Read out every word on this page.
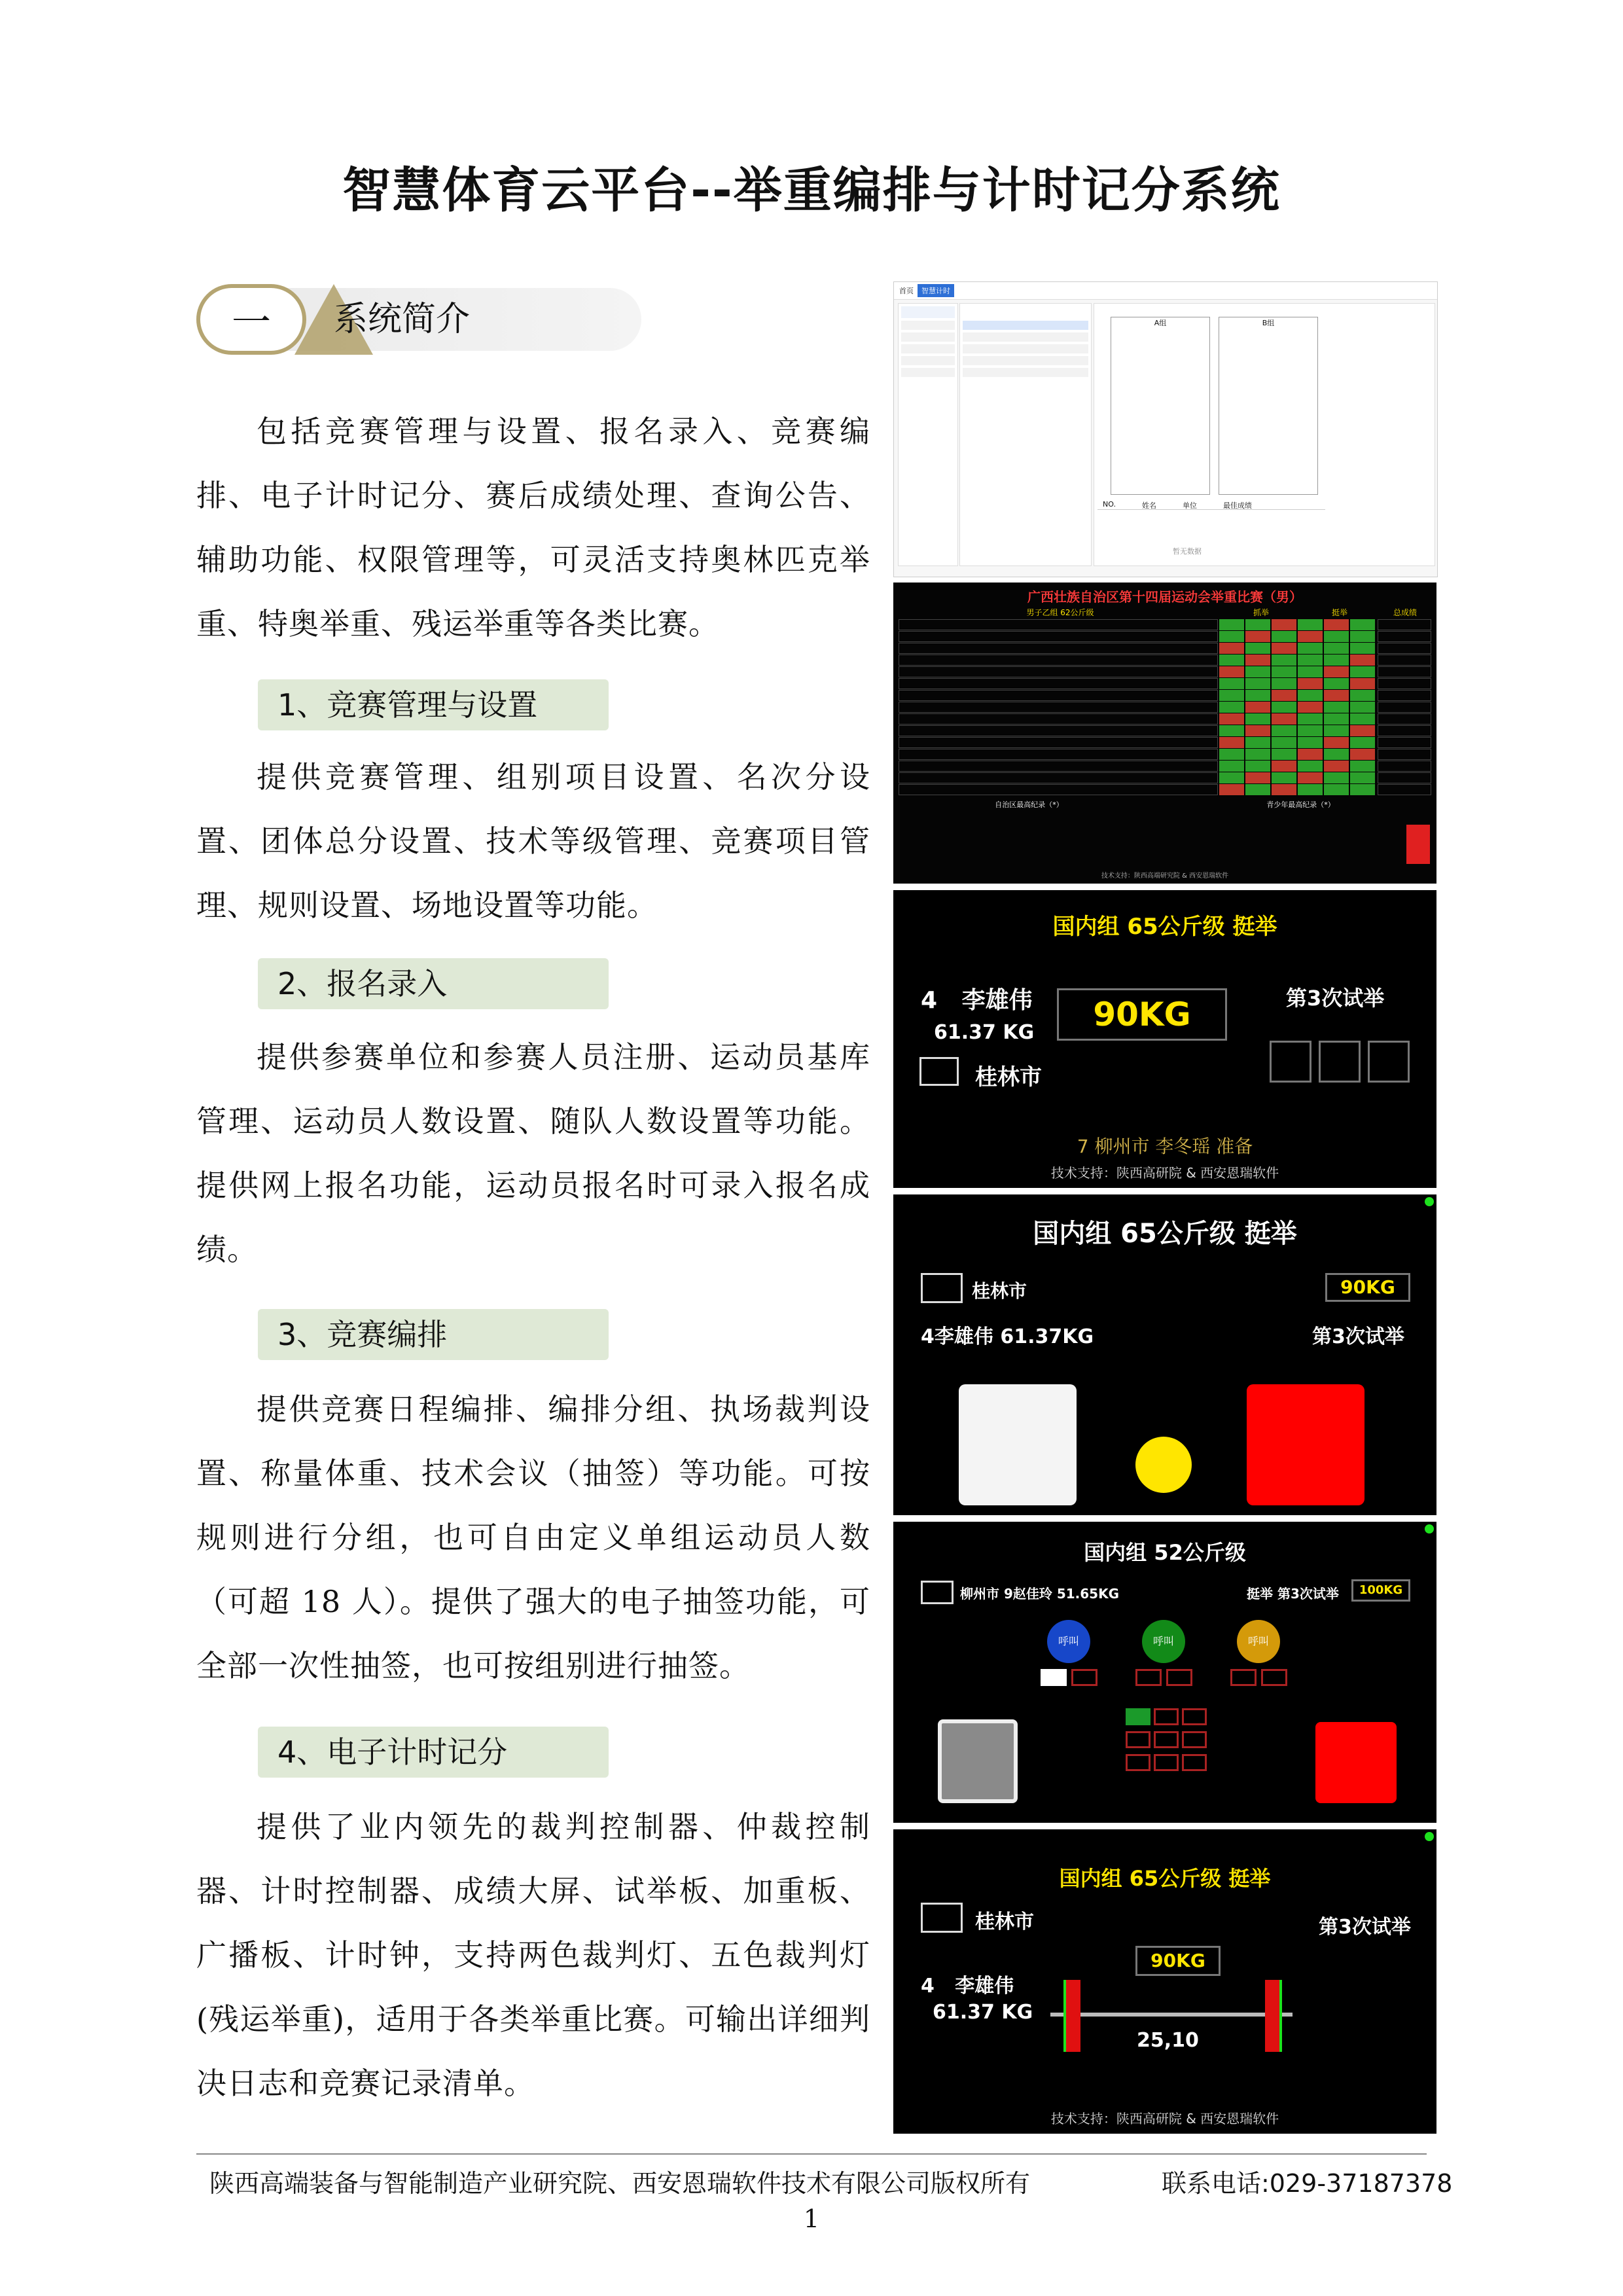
智慧体育云平台--举重编排与计时记分系统
一	系统简介
包括竞赛管理与设置、报名录入、竞赛编排、电子计时记分、赛后成绩处理、查询公告、辅助功能、权限管理等，可灵活支持奥林匹克举重、特奥举重、残运举重等各类比赛。
1、竞赛管理与设置
提供竞赛管理、组别项目设置、名次分设置、团体总分设置、技术等级管理、竞赛项目管理、规则设置、场地设置等功能。
2、报名录入
提供参赛单位和参赛人员注册、运动员基库管理、运动员人数设置、随队人数设置等功能。提供网上报名功能，运动员报名时可录入报名成绩。
3、竞赛编排
提供竞赛日程编排、编排分组、执场裁判设置、称量体重、技术会议（抽签）等功能。可按规则进行分组，也可自由定义单组运动员人数（可超 18 人）。提供了强大的电子抽签功能，可全部一次性抽签，也可按组别进行抽签。
4、电子计时记分
提供了业内领先的裁判控制器、仲裁控制器、计时控制器、成绩大屏、试举板、加重板、广播板、计时钟，支持两色裁判灯、五色裁判灯(残运举重)，适用于各类举重比赛。可输出详细判决日志和竞赛记录清单。
首页	智慧计时
A组	B组
NO.	姓名	单位	最佳成绩
暂无数据
广西壮族自治区第十四届运动会举重比赛（男）
男子乙组 62公斤级	抓举	挺举	总成绩
自治区最高纪录（*）	青少年最高纪录（*）
技术支持：陕西高端研究院 & 西安恩瑞软件
国内组 65公斤级 挺举
4 李雄伟
61.37 KG	90KG	第3次试举
桂林市
7 柳州市 李冬瑶 准备
技术支持：陕西高研院 & 西安恩瑞软件
国内组 65公斤级 挺举
桂林市	90KG
4李雄伟 61.37KG	第3次试举
国内组 52公斤级
柳州市 9赵佳玲 51.65KG	挺举 第3次试举	100KG
呼叫	呼叫	呼叫
国内组 65公斤级 挺举
桂林市	第3次试举
90KG
4 李雄伟
61.37 KG
25,10
技术支持：陕西高研院 & 西安恩瑞软件
陕西高端装备与智能制造产业研究院、西安恩瑞软件技术有限公司版权所有	联系电话:029-37187378
1
